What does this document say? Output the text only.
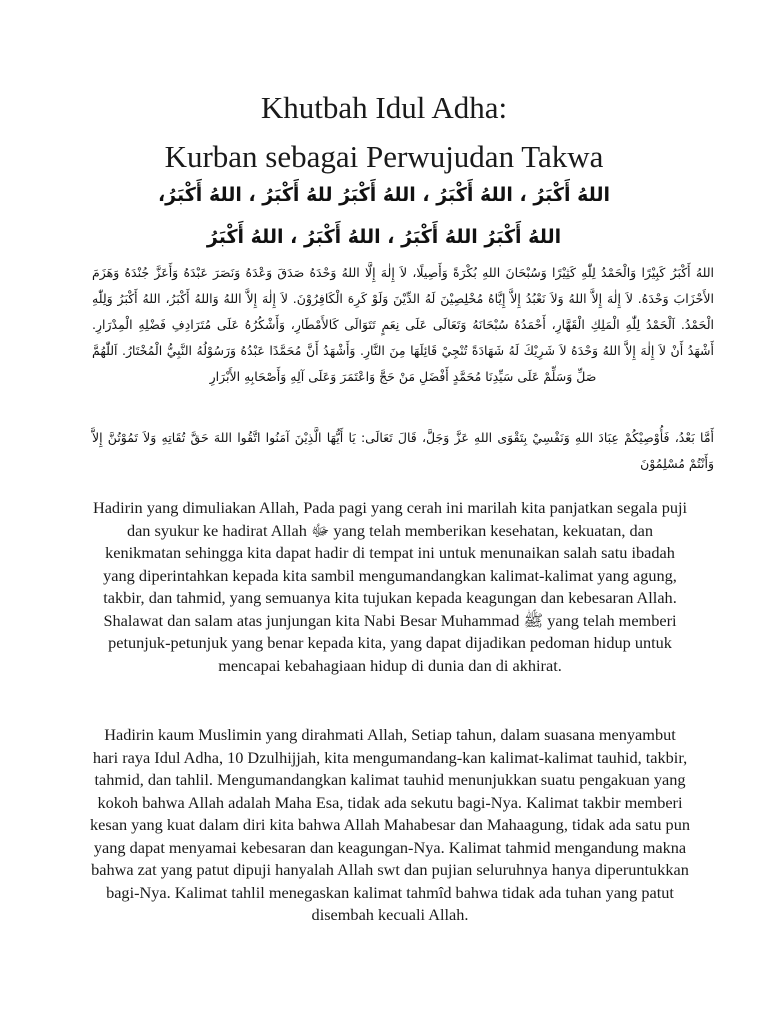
Khutbah Idul Adha:
Kurban sebagai Perwujudan Takwa

اللهُ أَكْبَرُ ، اللهُ أَكْبَرُ ، اللهُ أَكْبَرُ للهُ أَكْبَرُ ، اللهُ أَكْبَرُ،

اللهُ أَكْبَرُ اللهُ أَكْبَرُ ، اللهُ أَكْبَرُ ، اللهُ أَكْبَرُ

اللهُ أَكْبَرُ كَبِيْرًا وَالْحَمْدُ لِلّٰهِ كَثِيْرًا وَسُبْحَانَ اللهِ بُكْرَةً وَأَصِيلًا، لاَ إِلٰهَ إِلَّا اللهُ وَحْدَهُ صَدَقَ وَعْدَهُ وَنَصَرَ عَبْدَهُ وَأَعَزَّ جُنْدَهُ وَهَزَمَ الأَحْزَابَ وَحْدَهُ. لاَ إِلٰهَ إِلاَّ اللهُ وَلاَ نَعْبُدُ إِلاَّ إِيَّاهُ مُخْلِصِيْنَ لَهُ الدِّيْنَ وَلَوْ كَرِهَ الْكَافِرُوْنَ. لاَ إِلٰهَ إِلاَّ اللهُ وَاللهُ أَكْبَرُ، اللهُ أَكْبَرُ وَلِلّٰهِ الْحَمْدُ. اَلْحَمْدُ لِلّٰهِ الْمَلِكِ الْقَهَّارِ، أَحْمَدُهُ سُبْحَانَهُ وَتَعَالَى عَلَى نِعَمٍ تَتَوَالَى كَالأَمْطَارِ، وَأَشْكُرُهُ عَلَى مُتَرَادِفِ فَضْلِهِ الْمِدْرَارِ. أَشْهَدُ أَنْ لاَ إِلٰهَ إِلاَّ اللهُ وَحْدَهُ لاَ شَرِيْكَ لَهُ شَهَادَةً تُنْجِيْ قَائِلَهَا مِنَ النَّارِ. وَأَشْهَدُ أَنَّ مُحَمَّدًا عَبْدُهُ وَرَسُوْلُهُ النَّبِيُّ الْمُخْتَارُ. اَللّٰهُمَّ صَلِّ وَسَلِّمْ عَلَى سَيِّدِنَا مُحَمَّدٍ أَفْضَلِ مَنْ حَجَّ وَاعْتَمَرَ وَعَلَى آلِهِ وَأَصْحَابِهِ الأَبْرَارِ

أَمَّا بَعْدُ، فَأُوْصِيْكُمْ عِبَادَ اللهِ وَنَفْسِيْ بِتَقْوَى اللهِ عَزَّ وَجَلَّ، قَالَ تَعَالَى: يَا أَيُّهَا الَّذِيْنَ آمَنُوا اتَّقُوا اللهَ حَقَّ تُقَاتِهِ وَلاَ تَمُوْتُنَّ إِلاَّ وَأَنْتُمْ مُسْلِمُوْنَ

Hadirin yang dimuliakan Allah, Pada pagi yang cerah ini marilah kita panjatkan segala puji dan syukur ke hadirat Allah ﷻ yang telah memberikan kesehatan, kekuatan, dan kenikmatan sehingga kita dapat hadir di tempat ini untuk menunaikan salah satu ibadah yang diperintahkan kepada kita sambil mengumandangkan kalimat-kalimat yang agung, takbir, dan tahmid, yang semuanya kita tujukan kepada keagungan dan kebesaran Allah. Shalawat dan salam atas junjungan kita Nabi Besar Muhammad ﷺ yang telah memberi petunjuk-petunjuk yang benar kepada kita, yang dapat dijadikan pedoman hidup untuk mencapai kebahagiaan hidup di dunia dan di akhirat.

Hadirin kaum Muslimin yang dirahmati Allah, Setiap tahun, dalam suasana menyambut hari raya Idul Adha, 10 Dzulhijjah, kita mengumandang-kan kalimat-kalimat tauhid, takbir, tahmid, dan tahlil. Mengumandangkan kalimat tauhid menunjukkan suatu pengakuan yang kokoh bahwa Allah adalah Maha Esa, tidak ada sekutu bagi-Nya. Kalimat takbir memberi kesan yang kuat dalam diri kita bahwa Allah Mahabesar dan Mahaagung, tidak ada satu pun yang dapat menyamai kebesaran dan keagungan-Nya. Kalimat tahmid mengandung makna bahwa zat yang patut dipuji hanyalah Allah swt dan pujian seluruhnya hanya diperuntukkan bagi-Nya. Kalimat tahlil menegaskan kalimat tahmîd bahwa tidak ada tuhan yang patut disembah kecuali Allah.
